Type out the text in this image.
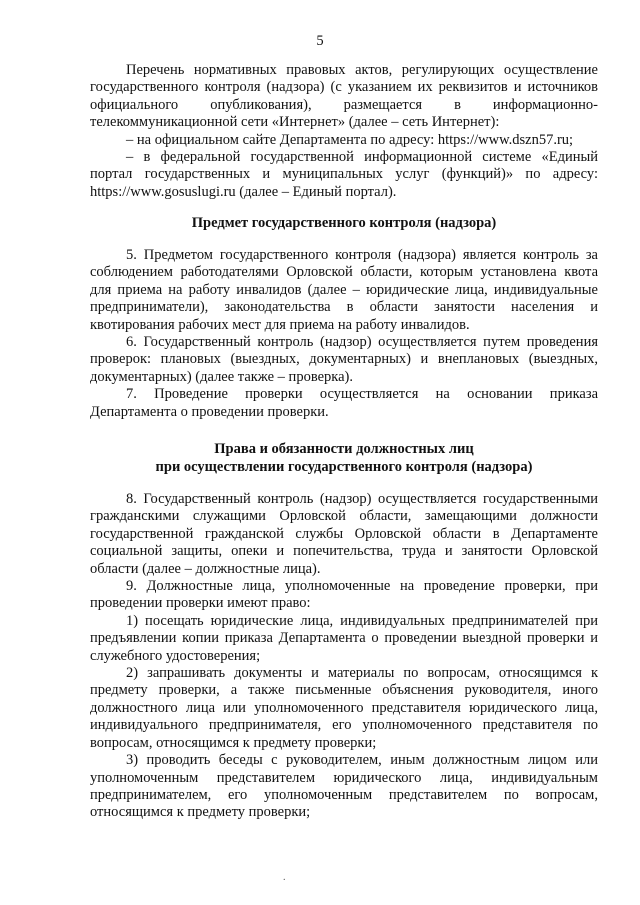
5

Перечень нормативных правовых актов, регулирующих осуществление государственного контроля (надзора) (с указанием их реквизитов и источников официального опубликования), размещается в информационно-телекоммуникационной сети «Интернет» (далее – сеть Интернет):

– на официальном сайте Департамента по адресу: https://www.dszn57.ru;

– в федеральной государственной информационной системе «Единый портал государственных и муниципальных услуг (функций)» по адресу: https://www.gosuslugi.ru (далее – Единый портал).

Предмет государственного контроля (надзора)

5. Предметом государственного контроля (надзора) является контроль за соблюдением работодателями Орловской области, которым установлена квота для приема на работу инвалидов (далее – юридические лица, индивидуальные предприниматели), законодательства в области занятости населения и квотирования рабочих мест для приема на работу инвалидов.

6. Государственный контроль (надзор) осуществляется путем проведения проверок: плановых (выездных, документарных) и внеплановых (выездных, документарных) (далее также – проверка).

7. Проведение проверки осуществляется на основании приказа Департамента о проведении проверки.

Права и обязанности должностных лиц
при осуществлении государственного контроля (надзора)

8. Государственный контроль (надзор) осуществляется государственными гражданскими служащими Орловской области, замещающими должности государственной гражданской службы Орловской области в Департаменте социальной защиты, опеки и попечительства, труда и занятости Орловской области (далее – должностные лица).

9. Должностные лица, уполномоченные на проведение проверки, при проведении проверки имеют право:

1) посещать юридические лица, индивидуальных предпринимателей при предъявлении копии приказа Департамента о проведении выездной проверки и служебного удостоверения;

2) запрашивать документы и материалы по вопросам, относящимся к предмету проверки, а также письменные объяснения руководителя, иного должностного лица или уполномоченного представителя юридического лица, индивидуального предпринимателя, его уполномоченного представителя по вопросам, относящимся к предмету проверки;

3) проводить беседы с руководителем, иным должностным лицом или уполномоченным представителем юридического лица, индивидуальным предпринимателем, его уполномоченным представителем по вопросам, относящимся к предмету проверки;

.
